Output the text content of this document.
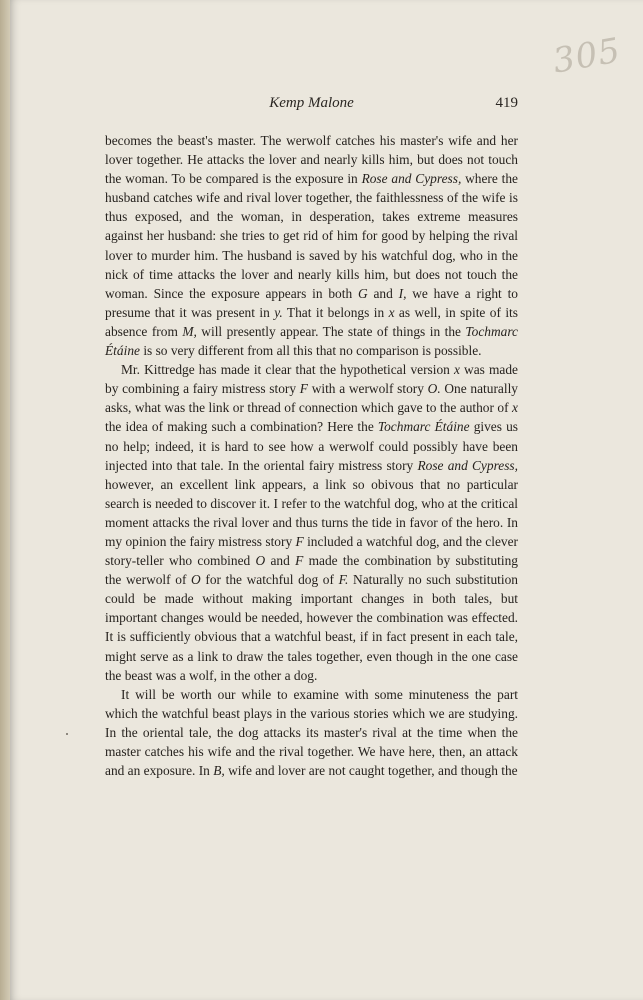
305
Kemp Malone	419

becomes the beast's master. The werwolf catches his master's wife and her lover together. He attacks the lover and nearly kills him, but does not touch the woman. To be compared is the exposure in Rose and Cypress, where the husband catches wife and rival lover together, the faithlessness of the wife is thus exposed, and the woman, in desperation, takes extreme measures against her husband: she tries to get rid of him for good by helping the rival lover to murder him. The husband is saved by his watchful dog, who in the nick of time attacks the lover and nearly kills him, but does not touch the woman. Since the exposure appears in both G and I, we have a right to presume that it was present in y. That it belongs in x as well, in spite of its absence from M, will presently appear. The state of things in the Tochmarc Étáine is so very different from all this that no comparison is possible.

Mr. Kittredge has made it clear that the hypothetical version x was made by combining a fairy mistress story F with a werwolf story O. One naturally asks, what was the link or thread of connection which gave to the author of x the idea of making such a combination? Here the Tochmarc Étáine gives us no help; indeed, it is hard to see how a werwolf could possibly have been injected into that tale. In the oriental fairy mistress story Rose and Cypress, however, an excellent link appears, a link so obivous that no particular search is needed to discover it. I refer to the watchful dog, who at the critical moment attacks the rival lover and thus turns the tide in favor of the hero. In my opinion the fairy mistress story F included a watchful dog, and the clever story-teller who combined O and F made the combination by substituting the werwolf of O for the watchful dog of F. Naturally no such substitution could be made without making important changes in both tales, but important changes would be needed, however the combination was effected. It is sufficiently obvious that a watchful beast, if in fact present in each tale, might serve as a link to draw the tales together, even though in the one case the beast was a wolf, in the other a dog.

It will be worth our while to examine with some minuteness the part which the watchful beast plays in the various stories which we are studying. In the oriental tale, the dog attacks its master's rival at the time when the master catches his wife and the rival together. We have here, then, an attack and an exposure. In B, wife and lover are not caught together, and though the
